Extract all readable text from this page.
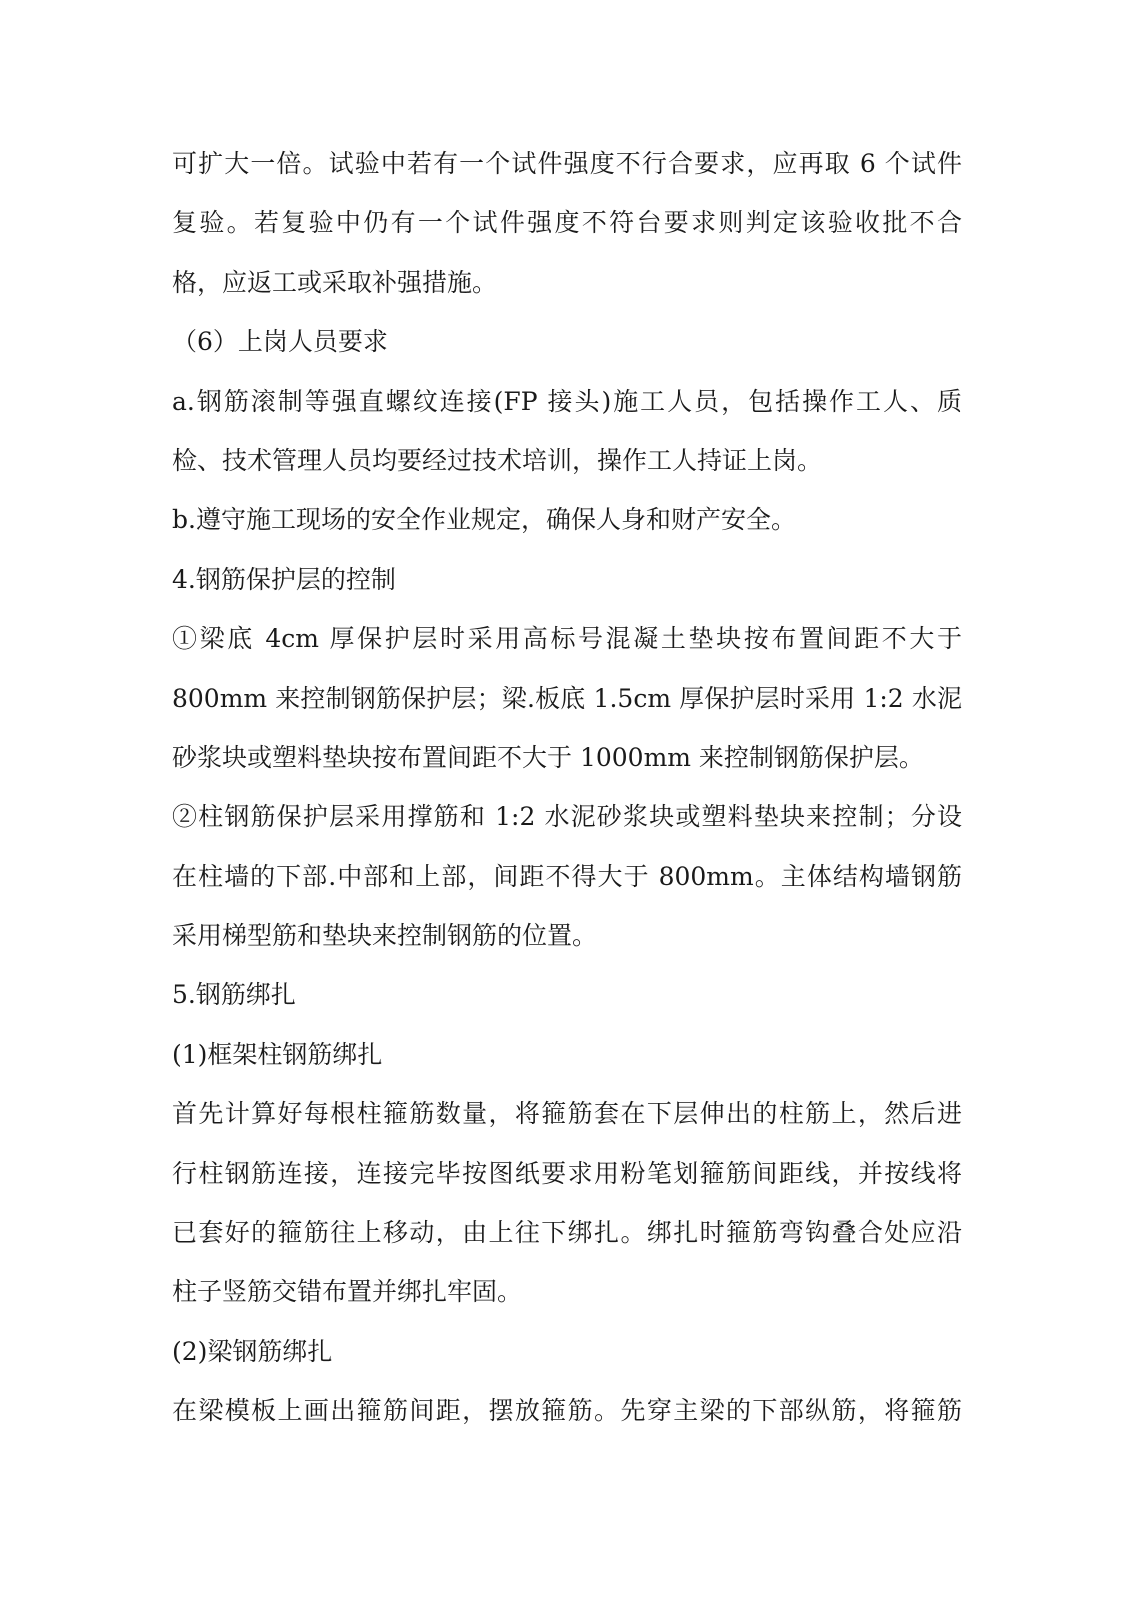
可扩大一倍。试验中若有一个试件强度不行合要求，应再取 6 个试件
复验。若复验中仍有一个试件强度不符台要求则判定该验收批不合
格，应返工或采取补强措施。
（6）上岗人员要求
a.钢筋滚制等强直螺纹连接(FP 接头)施工人员，包括操作工人、质
检、技术管理人员均要经过技术培训，操作工人持证上岗。
b.遵守施工现场的安全作业规定，确保人身和财产安全。
4.钢筋保护层的控制
①梁底 4cm 厚保护层时采用高标号混凝土垫块按布置间距不大于
800mm 来控制钢筋保护层；梁.板底 1.5cm 厚保护层时采用 1:2 水泥
砂浆块或塑料垫块按布置间距不大于 1000mm 来控制钢筋保护层。
②柱钢筋保护层采用撑筋和 1:2 水泥砂浆块或塑料垫块来控制；分设
在柱墙的下部.中部和上部，间距不得大于 800mm。主体结构墙钢筋
采用梯型筋和垫块来控制钢筋的位置。
5.钢筋绑扎
(1)框架柱钢筋绑扎
首先计算好每根柱箍筋数量，将箍筋套在下层伸出的柱筋上，然后进
行柱钢筋连接，连接完毕按图纸要求用粉笔划箍筋间距线，并按线将
已套好的箍筋往上移动，由上往下绑扎。绑扎时箍筋弯钩叠合处应沿
柱子竖筋交错布置并绑扎牢固。
(2)梁钢筋绑扎
在梁模板上画出箍筋间距，摆放箍筋。先穿主梁的下部纵筋，将箍筋
